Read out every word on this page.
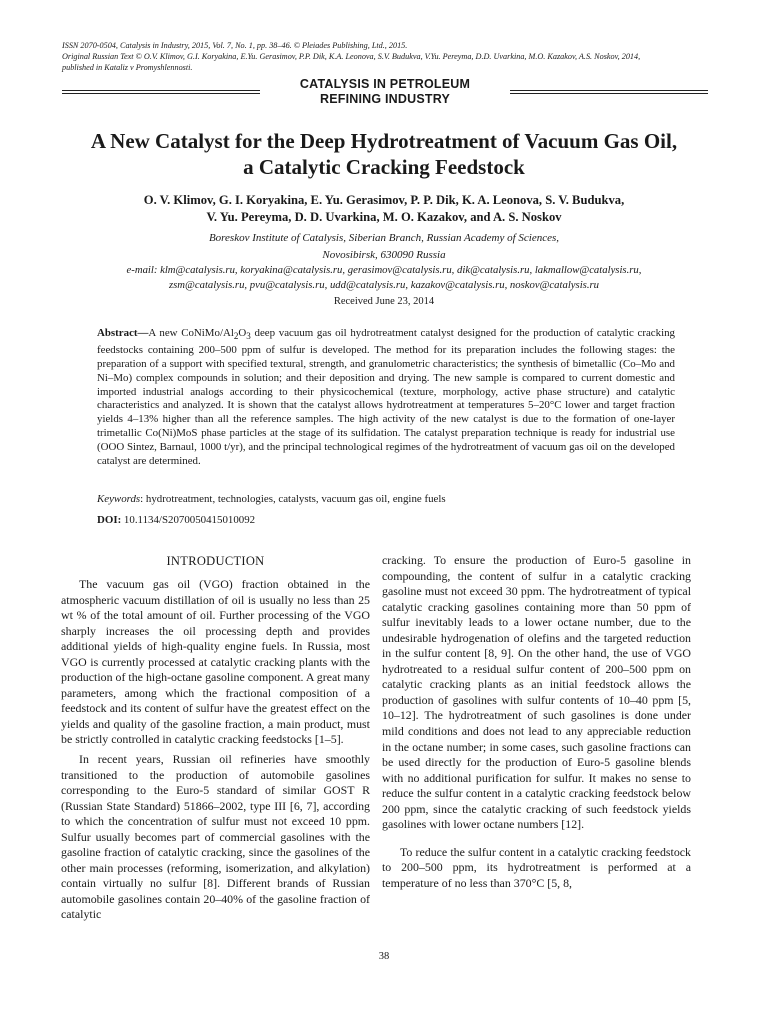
ISSN 2070-0504, Catalysis in Industry, 2015, Vol. 7, No. 1, pp. 38–46. © Pleiades Publishing, Ltd., 2015.
Original Russian Text © O.V. Klimov, G.I. Koryakina, E.Yu. Gerasimov, P.P. Dik, K.A. Leonova, S.V. Budukva, V.Yu. Pereyma, D.D. Uvarkina, M.O. Kazakov, A.S. Noskov, 2014,
published in Kataliz v Promyshlennosti.
CATALYSIS IN PETROLEUM
REFINING INDUSTRY
A New Catalyst for the Deep Hydrotreatment of Vacuum Gas Oil,
a Catalytic Cracking Feedstock
O. V. Klimov, G. I. Koryakina, E. Yu. Gerasimov, P. P. Dik, K. A. Leonova, S. V. Budukva,
V. Yu. Pereyma, D. D. Uvarkina, M. O. Kazakov, and A. S. Noskov
Boreskov Institute of Catalysis, Siberian Branch, Russian Academy of Sciences,
Novosibirsk, 630090 Russia
e-mail: klm@catalysis.ru, koryakina@catalysis.ru, gerasimov@catalysis.ru, dik@catalysis.ru, lakmallow@catalysis.ru,
zsm@catalysis.ru, pvu@catalysis.ru, udd@catalysis.ru, kazakov@catalysis.ru, noskov@catalysis.ru
Received June 23, 2014
Abstract—A new CoNiMo/$Al_2O_3$ deep vacuum gas oil hydrotreatment catalyst designed for the production of catalytic cracking feedstocks containing 200–500 ppm of sulfur is developed. The method for its preparation includes the following stages: the preparation of a support with specified textural, strength, and granulometric characteristics; the synthesis of bimetallic (Co–Mo and Ni–Mo) complex compounds in solution; and their deposition and drying. The new sample is compared to current domestic and imported industrial analogs according to their physicochemical (texture, morphology, active phase structure) and catalytic characteristics and analyzed. It is shown that the catalyst allows hydrotreatment at temperatures 5–20°C lower and target fraction yields 4–13% higher than all the reference samples. The high activity of the new catalyst is due to the formation of one-layer trimetallic Co(Ni)MoS phase particles at the stage of its sulfidation. The catalyst preparation technique is ready for industrial use (OOO Sintez, Barnaul, 1000 t/yr), and the principal technological regimes of the hydrotreatment of vacuum gas oil on the developed catalyst are determined.
Keywords: hydrotreatment, technologies, catalysts, vacuum gas oil, engine fuels
DOI: 10.1134/S2070050415010092
INTRODUCTION

The vacuum gas oil (VGO) fraction obtained in the atmospheric vacuum distillation of oil is usually no less than 25 wt % of the total amount of oil. Further processing of the VGO sharply increases the oil processing depth and provides additional yields of high-quality engine fuels. In Russia, most VGO is currently processed at catalytic cracking plants with the production of the high-octane gasoline component. A great many parameters, among which the fractional composition of a feedstock and its content of sulfur have the greatest effect on the yields and quality of the gasoline fraction, a main product, must be strictly controlled in catalytic cracking feedstocks [1–5].

In recent years, Russian oil refineries have smoothly transitioned to the production of automobile gasolines corresponding to the Euro-5 standard of similar GOST R (Russian State Standard) 51866–2002, type III [6, 7], according to which the concentration of sulfur must not exceed 10 ppm. Sulfur usually becomes part of commercial gasolines with the gasoline fraction of catalytic cracking, since the gasolines of the other main processes (reforming, isomerization, and alkylation) contain virtually no sulfur [8]. Different brands of Russian automobile gasolines contain 20–40% of the gasoline fraction of catalytic

cracking. To ensure the production of Euro-5 gasoline in compounding, the content of sulfur in a catalytic cracking gasoline must not exceed 30 ppm. The hydrotreatment of typical catalytic cracking gasolines containing more than 50 ppm of sulfur inevitably leads to a lower octane number, due to the undesirable hydrogenation of olefins and the targeted reduction in the sulfur content [8, 9]. On the other hand, the use of VGO hydrotreated to a residual sulfur content of 200–500 ppm on catalytic cracking plants as an initial feedstock allows the production of gasolines with sulfur contents of 10–40 ppm [5, 10–12]. The hydrotreatment of such gasolines is done under mild conditions and does not lead to any appreciable reduction in the octane number; in some cases, such gasoline fractions can be used directly for the production of Euro-5 gasoline blends with no additional purification for sulfur. It makes no sense to reduce the sulfur content in a catalytic cracking feedstock below 200 ppm, since the catalytic cracking of such feedstock yields gasolines with lower octane numbers [12].

To reduce the sulfur content in a catalytic cracking feedstock to 200–500 ppm, its hydrotreatment is performed at a temperature of no less than 370°C [5, 8,

38
